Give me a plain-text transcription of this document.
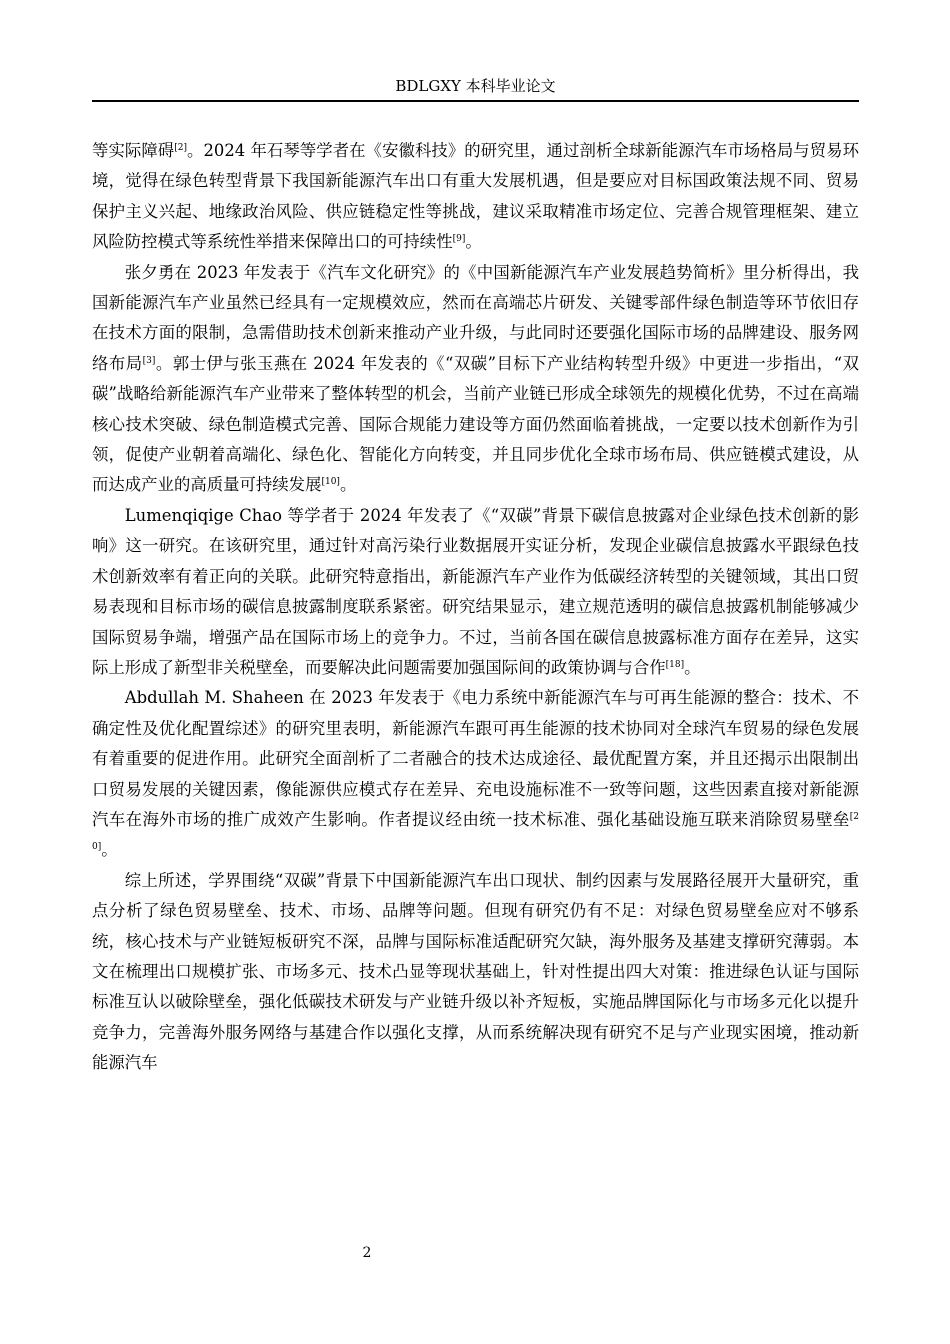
BDLGXY 本科毕业论文

等实际障碍[2]。2024 年石琴等学者在《安徽科技》的研究里，通过剖析全球新能源汽车市场格局与贸易环境，觉得在绿色转型背景下我国新能源汽车出口有重大发展机遇，但是要应对目标国政策法规不同、贸易保护主义兴起、地缘政治风险、供应链稳定性等挑战，建议采取精准市场定位、完善合规管理框架、建立风险防控模式等系统性举措来保障出口的可持续性[9]。

张夕勇在 2023 年发表于《汽车文化研究》的《中国新能源汽车产业发展趋势简析》里分析得出，我国新能源汽车产业虽然已经具有一定规模效应，然而在高端芯片研发、关键零部件绿色制造等环节依旧存在技术方面的限制，急需借助技术创新来推动产业升级，与此同时还要强化国际市场的品牌建设、服务网络布局[3]。郭士伊与张玉燕在 2024 年发表的《“双碳”目标下产业结构转型升级》中更进一步指出，“双碳”战略给新能源汽车产业带来了整体转型的机会，当前产业链已形成全球领先的规模化优势，不过在高端核心技术突破、绿色制造模式完善、国际合规能力建设等方面仍然面临着挑战，一定要以技术创新作为引领，促使产业朝着高端化、绿色化、智能化方向转变，并且同步优化全球市场布局、供应链模式建设，从而达成产业的高质量可持续发展[10]。

Lumenqiqige Chao 等学者于 2024 年发表了《“双碳”背景下碳信息披露对企业绿色技术创新的影响》这一研究。在该研究里，通过针对高污染行业数据展开实证分析，发现企业碳信息披露水平跟绿色技术创新效率有着正向的关联。此研究特意指出，新能源汽车产业作为低碳经济转型的关键领域，其出口贸易表现和目标市场的碳信息披露制度联系紧密。研究结果显示，建立规范透明的碳信息披露机制能够减少国际贸易争端，增强产品在国际市场上的竞争力。不过，当前各国在碳信息披露标准方面存在差异，这实际上形成了新型非关税壁垒，而要解决此问题需要加强国际间的政策协调与合作[18]。

Abdullah M. Shaheen 在 2023 年发表于《电力系统中新能源汽车与可再生能源的整合：技术、不确定性及优化配置综述》的研究里表明，新能源汽车跟可再生能源的技术协同对全球汽车贸易的绿色发展有着重要的促进作用。此研究全面剖析了二者融合的技术达成途径、最优配置方案，并且还揭示出限制出口贸易发展的关键因素，像能源供应模式存在差异、充电设施标准不一致等问题，这些因素直接对新能源汽车在海外市场的推广成效产生影响。作者提议经由统一技术标准、强化基础设施互联来消除贸易壁垒[20]。

综上所述，学界围绕“双碳”背景下中国新能源汽车出口现状、制约因素与发展路径展开大量研究，重点分析了绿色贸易壁垒、技术、市场、品牌等问题。但现有研究仍有不足：对绿色贸易壁垒应对不够系统，核心技术与产业链短板研究不深，品牌与国际标准适配研究欠缺，海外服务及基建支撑研究薄弱。本文在梳理出口规模扩张、市场多元、技术凸显等现状基础上，针对性提出四大对策：推进绿色认证与国际标准互认以破除壁垒，强化低碳技术研发与产业链升级以补齐短板，实施品牌国际化与市场多元化以提升竞争力，完善海外服务网络与基建合作以强化支撑，从而系统解决现有研究不足与产业现实困境，推动新能源汽车

2
